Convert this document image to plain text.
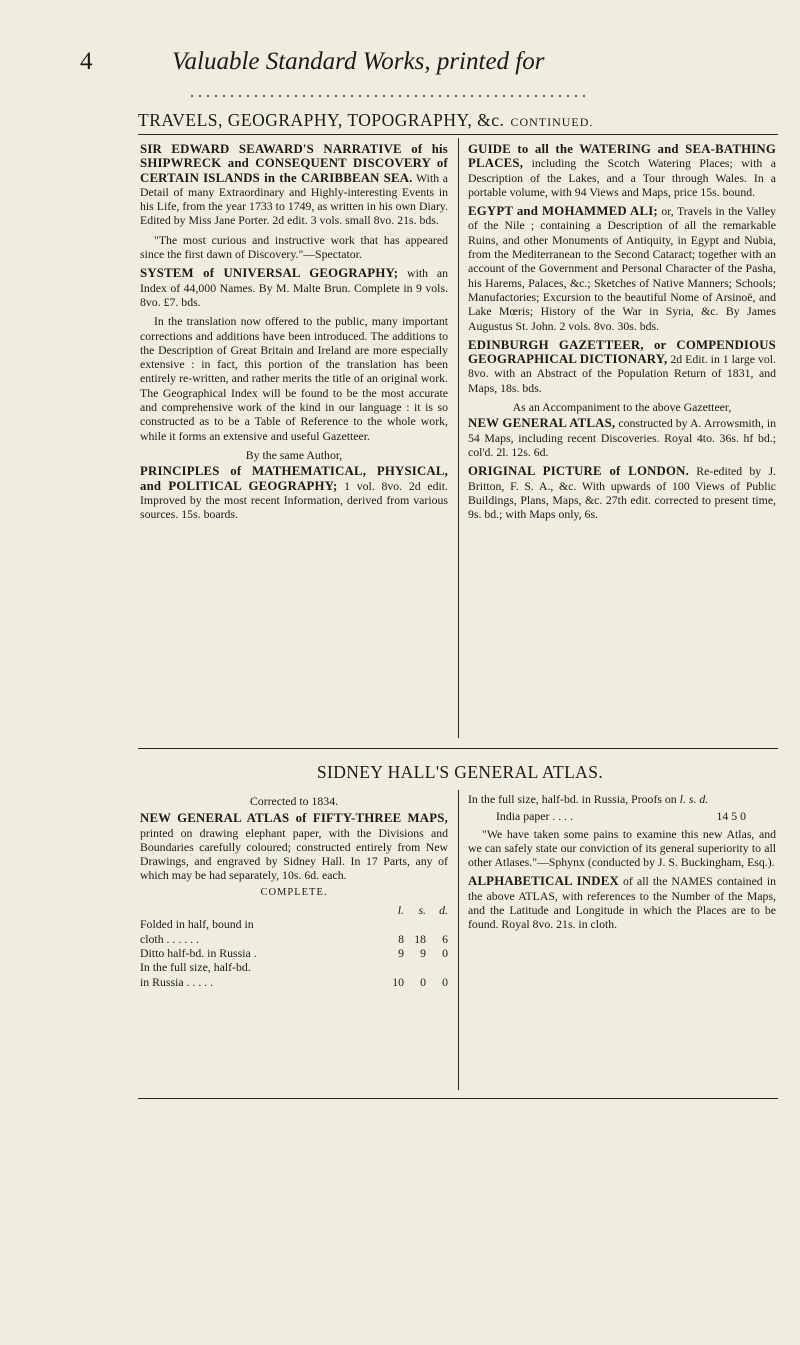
4	Valuable Standard Works, printed for
TRAVELS, GEOGRAPHY, TOPOGRAPHY, &c. CONTINUED.

SIR EDWARD SEAWARD'S NARRATIVE of his SHIPWRECK and CONSEQUENT DISCOVERY of CERTAIN ISLANDS in the CARIBBEAN SEA. With a Detail of many Extraordinary and Highly-interesting Events in his Life, from the year 1733 to 1749, as written in his own Diary. Edited by Miss Jane Porter. 2d edit. 3 vols. small 8vo. 21s. bds.

"The most curious and instructive work that has appeared since the first dawn of Discovery."—Spectator.

SYSTEM of UNIVERSAL GEOGRAPHY; with an Index of 44,000 Names. By M. Malte Brun. Complete in 9 vols. 8vo. £7. bds.

In the translation now offered to the public, many important corrections and additions have been introduced. The additions to the Description of Great Britain and Ireland are more especially extensive : in fact, this portion of the translation has been entirely re-written, and rather merits the title of an original work. The Geographical Index will be found to be the most accurate and comprehensive work of the kind in our language : it is so constructed as to be a Table of Reference to the whole work, while it forms an extensive and useful Gazetteer.

By the same Author,

PRINCIPLES of MATHEMATICAL, PHYSICAL, and POLITICAL GEOGRAPHY; 1 vol. 8vo. 2d edit. Improved by the most recent Information, derived from various sources. 15s. boards.

GUIDE to all the WATERING and SEA-BATHING PLACES, including the Scotch Watering Places; with a Description of the Lakes, and a Tour through Wales. In a portable volume, with 94 Views and Maps, price 15s. bound.

EGYPT and MOHAMMED ALI; or, Travels in the Valley of the Nile ; containing a Description of all the remarkable Ruins, and other Monuments of Antiquity, in Egypt and Nubia, from the Mediterranean to the Second Cataract; together with an account of the Government and Personal Character of the Pasha, his Harems, Palaces, &c.; Sketches of Native Manners; Schools; Manufactories; Excursion to the beautiful Nome of Arsinoë, and Lake Mœris; History of the War in Syria, &c. By James Augustus St. John. 2 vols. 8vo. 30s. bds.

EDINBURGH GAZETTEER, or COMPENDIOUS GEOGRAPHICAL DICTIONARY, 2d Edit. in 1 large vol. 8vo. with an Abstract of the Population Return of 1831, and Maps, 18s. bds.

As an Accompaniment to the above Gazetteer,

NEW GENERAL ATLAS, constructed by A. Arrowsmith, in 54 Maps, including recent Discoveries. Royal 4to. 36s. hf bd.; col'd. 2l. 12s. 6d.

ORIGINAL PICTURE of LONDON. Re-edited by J. Britton, F. S. A., &c. With upwards of 100 Views of Public Buildings, Plans, Maps, &c. 27th edit. corrected to present time, 9s. bd.; with Maps only, 6s.

SIDNEY HALL'S GENERAL ATLAS.

Corrected to 1834.

NEW GENERAL ATLAS of FIFTY-THREE MAPS, printed on drawing elephant paper, with the Divisions and Boundaries carefully coloured; constructed entirely from New Drawings, and engraved by Sidney Hall. In 17 Parts, any of which may be had separately, 10s. 6d. each.

COMPLETE.

	l.	s.	d.
Folded in half, bound in			
cloth . . . . . .	8	18	6
Ditto half-bd. in Russia .	9	9	0
In the full size, half-bd.			
in Russia . . . . .	10	0	0

In the full size, half-bd. in Russia, Proofs on l. s. d.

India paper . . . .	14 5 0

"We have taken some pains to examine this new Atlas, and we can safely state our conviction of its general superiority to all other Atlases."—Sphynx (conducted by J. S. Buckingham, Esq.).

ALPHABETICAL INDEX of all the NAMES contained in the above ATLAS, with references to the Number of the Maps, and the Latitude and Longitude in which the Places are to be found. Royal 8vo. 21s. in cloth.
